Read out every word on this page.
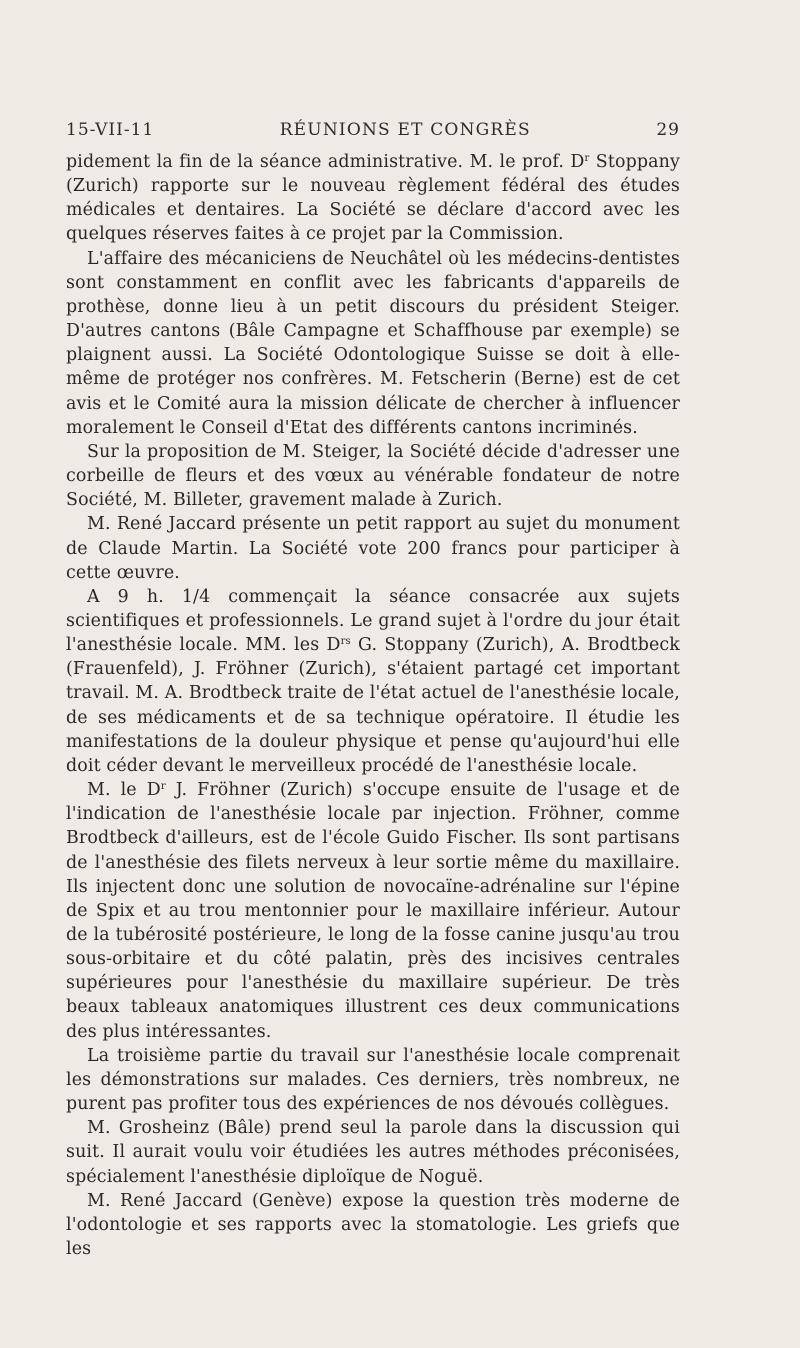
15-VII-11	RÉUNIONS ET CONGRÈS	29

pidement la fin de la séance administrative. M. le prof. $D^r$ Stoppany (Zurich) rapporte sur le nouveau règlement fédéral des études médicales et dentaires. La Société se déclare d'accord avec les quelques réserves faites à ce projet par la Commission.

L'affaire des mécaniciens de Neuchâtel où les médecins-dentistes sont constamment en conflit avec les fabricants d'appareils de prothèse, donne lieu à un petit discours du président Steiger. D'autres cantons (Bâle Campagne et Schaffhouse par exemple) se plaignent aussi. La Société Odontologique Suisse se doit à elle-même de protéger nos confrères. M. Fetscherin (Berne) est de cet avis et le Comité aura la mission délicate de chercher à influencer moralement le Conseil d'Etat des différents cantons incriminés.

Sur la proposition de M. Steiger, la Société décide d'adresser une corbeille de fleurs et des vœux au vénérable fondateur de notre Société, M. Billeter, gravement malade à Zurich.

M. René Jaccard présente un petit rapport au sujet du monument de Claude Martin. La Société vote 200 francs pour participer à cette œuvre.

A 9 h. 1/4 commençait la séance consacrée aux sujets scientifiques et professionnels. Le grand sujet à l'ordre du jour était l'anesthésie locale. MM. les $D^{rs}$ G. Stoppany (Zurich), A. Brodtbeck (Frauenfeld), J. Fröhner (Zurich), s'étaient partagé cet important travail. M. A. Brodtbeck traite de l'état actuel de l'anesthésie locale, de ses médicaments et de sa technique opératoire. Il étudie les manifestations de la douleur physique et pense qu'aujourd'hui elle doit céder devant le merveilleux procédé de l'anesthésie locale.

M. le $D^r$ J. Fröhner (Zurich) s'occupe ensuite de l'usage et de l'indication de l'anesthésie locale par injection. Fröhner, comme Brodtbeck d'ailleurs, est de l'école Guido Fischer. Ils sont partisans de l'anesthésie des filets nerveux à leur sortie même du maxillaire. Ils injectent donc une solution de novocaïne-adrénaline sur l'épine de Spix et au trou mentonnier pour le maxillaire inférieur. Autour de la tubérosité postérieure, le long de la fosse canine jusqu'au trou sous-orbitaire et du côté palatin, près des incisives centrales supérieures pour l'anesthésie du maxillaire supérieur. De très beaux tableaux anatomiques illustrent ces deux communications des plus intéressantes.

La troisième partie du travail sur l'anesthésie locale comprenait les démonstrations sur malades. Ces derniers, très nombreux, ne purent pas profiter tous des expériences de nos dévoués collègues.

M. Grosheinz (Bâle) prend seul la parole dans la discussion qui suit. Il aurait voulu voir étudiées les autres méthodes préconisées, spécialement l'anesthésie diploïque de Noguë.

M. René Jaccard (Genève) expose la question très moderne de l'odontologie et ses rapports avec la stomatologie. Les griefs que les
